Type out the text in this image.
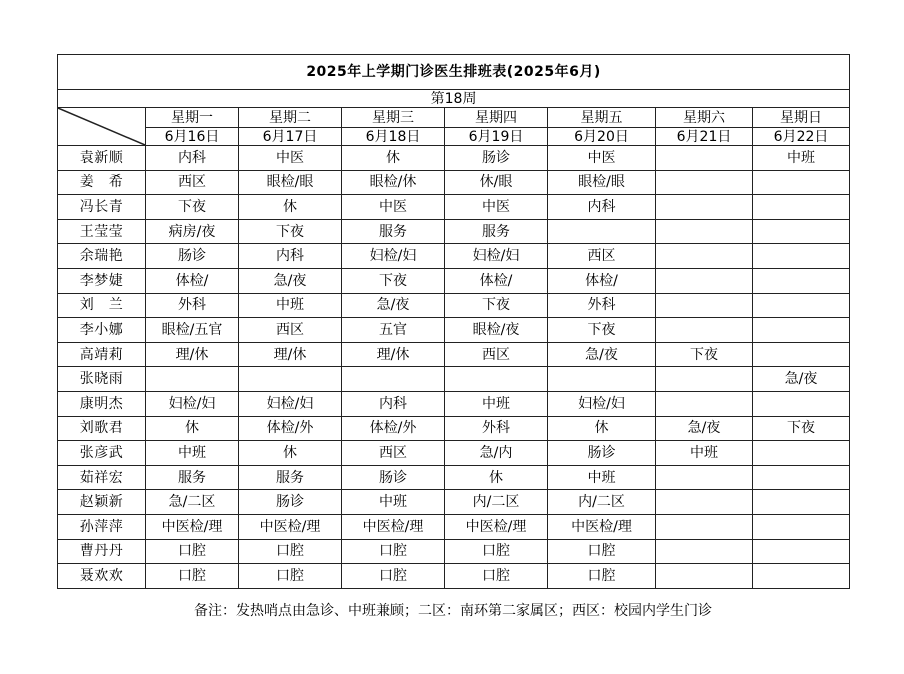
2025年上学期门诊医生排班表(2025年6月)							
第18周							

	星期一	星期二	星期三	星期四	星期五	星期六	星期日
	6月16日	6月17日	6月18日	6月19日	6月20日	6月21日	6月22日
袁新顺	内科	中医	休	肠诊	中医		中班
姜　希	西区	眼检/眼	眼检/休	休/眼	眼检/眼		
冯长青	下夜	休	中医	中医	内科		
王莹莹	病房/夜	下夜	服务	服务			
余瑞艳	肠诊	内科	妇检/妇	妇检/妇	西区		
李梦婕	体检/	急/夜	下夜	体检/	体检/		
刘　兰	外科	中班	急/夜	下夜	外科		
李小娜	眼检/五官	西区	五官	眼检/夜	下夜		
高靖莉	理/休	理/休	理/休	西区	急/夜	下夜	
张晓雨							急/夜
康明杰	妇检/妇	妇检/妇	内科	中班	妇检/妇		
刘歌君	休	体检/外	体检/外	外科	休	急/夜	下夜
张彦武	中班	休	西区	急/内	肠诊	中班	
茹祥宏	服务	服务	肠诊	休	中班		
赵颖新	急/二区	肠诊	中班	内/二区	内/二区		
孙萍萍	中医检/理	中医检/理	中医检/理	中医检/理	中医检/理		
曹丹丹	口腔	口腔	口腔	口腔	口腔		
聂欢欢	口腔	口腔	口腔	口腔	口腔		
备注：发热哨点由急诊、中班兼顾；二区：南环第二家属区；西区：校园内学生门诊
